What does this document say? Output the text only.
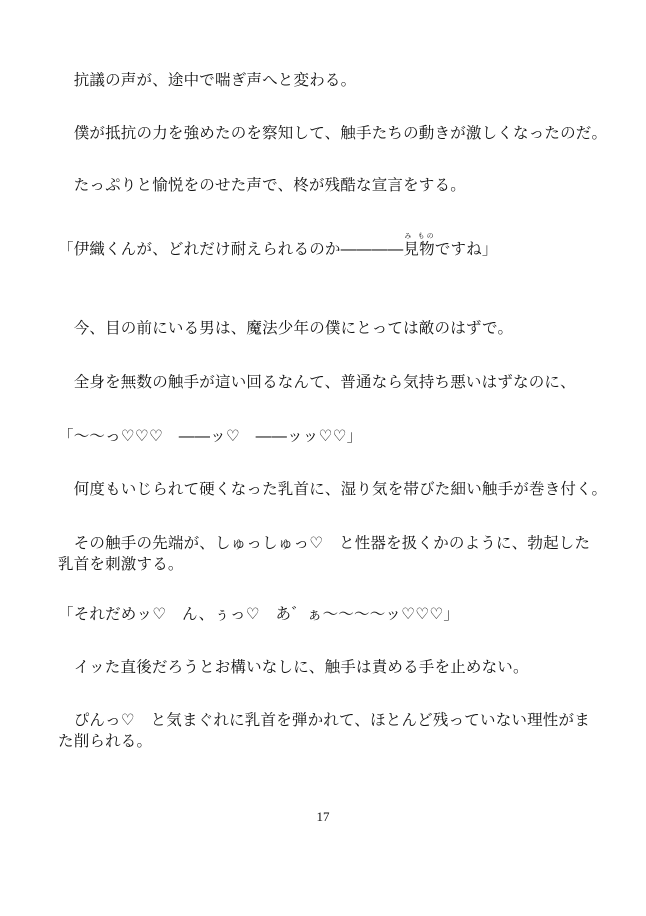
　抗議の声が、途中で喘ぎ声へと変わる。
　僕が抵抗の力を強めたのを察知して、触手たちの動きが激しくなったのだ。
　たっぷりと愉悦をのせた声で、柊が残酷な宣言をする。
「伊織くんが、どれだけ耐えられるのか――――見物み ものですね」
　今、目の前にいる男は、魔法少年の僕にとっては敵のはずで。
　全身を無数の触手が這い回るなんて、普通なら気持ち悪いはずなのに、
「〜〜っ♡♡♡　――ッ♡　――ッッ♡♡」
　何度もいじられて硬くなった乳首に、湿り気を帯びた細い触手が巻き付く。
　その触手の先端が、しゅっしゅっ♡　と性器を扱くかのように、勃起した乳首を刺激する。
「それだめッ♡　ん、ぅっ♡　あ゛ぁ〜〜〜〜ッ♡♡♡」
　イッた直後だろうとお構いなしに、触手は責める手を止めない。
　ぴんっ♡　と気まぐれに乳首を弾かれて、ほとんど残っていない理性がまた削られる。
17
